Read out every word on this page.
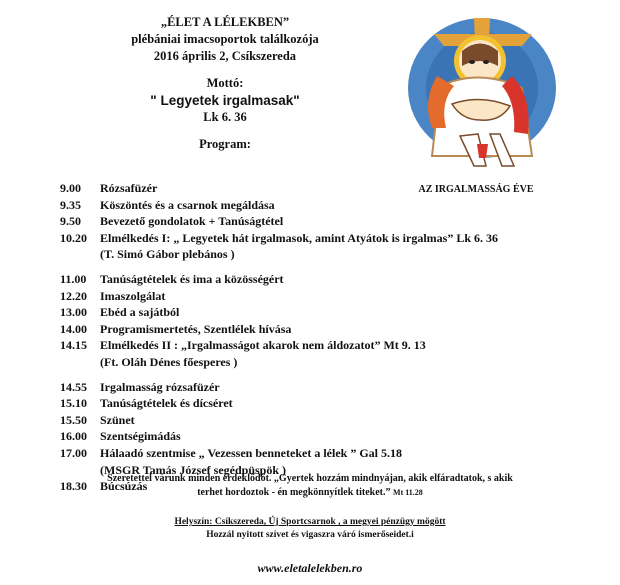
„ÉLET A LÉLEKBEN”
plébániai imacsoportok találkozója
2016 április 2, Csíkszereda
Mottó:
" Legyetek irgalmasak"
Lk 6. 36
Program:
AZ IRGALMASSÁG ÉVE
9.00	Rózsafüzér
9.35	Köszöntés és a csarnok megáldása
9.50	Bevezető gondolatok + Tanúságtétel
10.20	Elmélkedés I: „ Legyetek hát irgalmasok, amint Atyátok is irgalmas” Lk 6. 36
(T. Simó Gábor plebános )
11.00	Tanúságtételek és ima a közösségért
12.20	Imaszolgálat
13.00	Ebéd a sajátból
14.00	Programismertetés, Szentlélek hívása
14.15	Elmélkedés II : „Irgalmasságot akarok nem áldozatot” Mt 9. 13
(Ft. Oláh Dénes főesperes )
14.55	Irgalmasság rózsafüzér
15.10	Tanúságtételek és dícséret
15.50	Szünet
16.00	Szentségimádás
17.00	Hálaadó szentmise „ Vezessen benneteket a lélek ” Gal 5.18
(MSGR Tamás József segédpüspök )
18.30	Búcsúzás
Szeretettel várunk minden érdeklődőt. „Gyertek hozzám mindnyájan, akik elfáradtatok, s akik
terhet hordoztok - én megkönnyítlek titeket.” Mt 11.28
Helyszín: Csíkszereda, Új Sportcsarnok , a megyei pénzügy mögött
Hozzál nyitott szívet és vigaszra váró ismerőseidet.i
www.eletalelekben.ro
